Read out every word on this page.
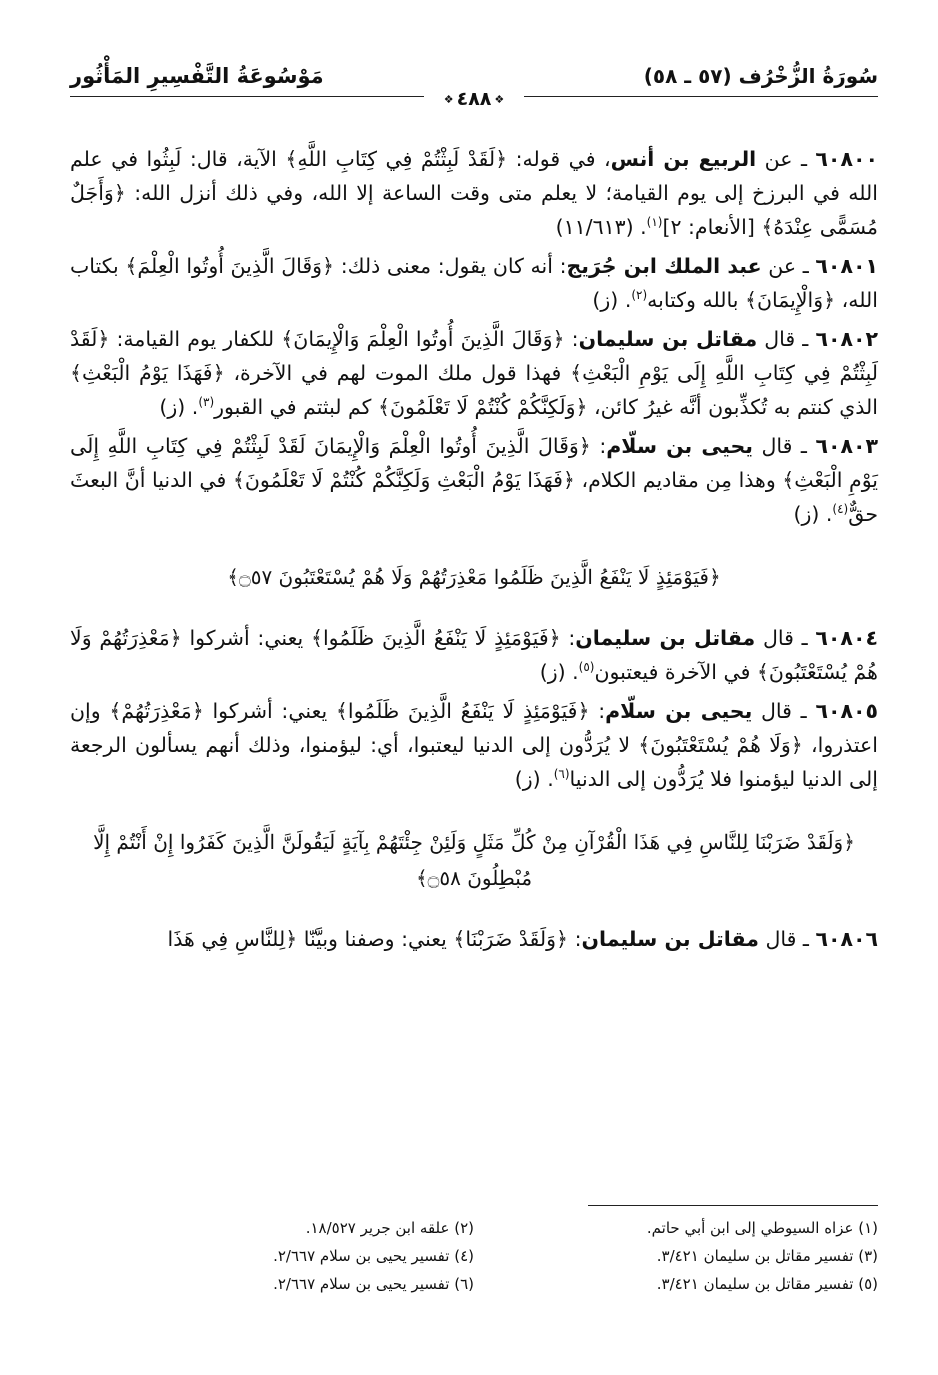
سُورَةُ الزُّخْرُف (٥٧ ـ ٥٨)
مَوْسُوعَةُ التَّفْسِيرِ المَأْثُور
❖٤٨٨❖

٦٠٨٠٠ ـ عن الربيع بن أنس، في قوله: ﴿لَقَدْ لَبِثْتُمْ فِي كِتَابِ اللَّهِ﴾ الآية، قال: لَبِثُوا في علم الله في البرزخ إلى يوم القيامة؛ لا يعلم متى وقت الساعة إلا الله، وفي ذلك أنزل الله: ﴿وَأَجَلٌ مُسَمًّى عِنْدَهُ﴾ [الأنعام: ٢]$^{(١)}$. (١١/٦١٣)

٦٠٨٠١ ـ عن عبد الملك ابن جُرَيج: أنه كان يقول: معنى ذلك: ﴿وَقَالَ الَّذِينَ أُوتُوا الْعِلْمَ﴾ بكتاب الله، ﴿وَالْإِيمَانَ﴾ بالله وكتابه$^{(٢)}$. (ز)

٦٠٨٠٢ ـ قال مقاتل بن سليمان: ﴿وَقَالَ الَّذِينَ أُوتُوا الْعِلْمَ وَالْإِيمَانَ﴾ للكفار يوم القيامة: ﴿لَقَدْ لَبِثْتُمْ فِي كِتَابِ اللَّهِ إِلَى يَوْمِ الْبَعْثِ﴾ فهذا قول ملك الموت لهم في الآخرة، ﴿فَهَذَا يَوْمُ الْبَعْثِ﴾ الذي كنتم به تُكذِّبون أنَّه غيرُ كائن، ﴿وَلَكِنَّكُمْ كُنْتُمْ لَا تَعْلَمُونَ﴾ كم لبثتم في القبور$^{(٣)}$. (ز)

٦٠٨٠٣ ـ قال يحيى بن سلّام: ﴿وَقَالَ الَّذِينَ أُوتُوا الْعِلْمَ وَالْإِيمَانَ لَقَدْ لَبِثْتُمْ فِي كِتَابِ اللَّهِ إِلَى يَوْمِ الْبَعْثِ﴾ وهذا مِن مقاديم الكلام، ﴿فَهَذَا يَوْمُ الْبَعْثِ وَلَكِنَّكُمْ كُنْتُمْ لَا تَعْلَمُونَ﴾ في الدنيا أنَّ البعثَ حقٌّ$^{(٤)}$. (ز)

﴿فَيَوْمَئِذٍ لَا يَنْفَعُ الَّذِينَ ظَلَمُوا مَعْذِرَتُهُمْ وَلَا هُمْ يُسْتَعْتَبُونَ ۝٥٧﴾

٦٠٨٠٤ ـ قال مقاتل بن سليمان: ﴿فَيَوْمَئِذٍ لَا يَنْفَعُ الَّذِينَ ظَلَمُوا﴾ يعني: أشركوا ﴿مَعْذِرَتُهُمْ وَلَا هُمْ يُسْتَعْتَبُونَ﴾ في الآخرة فيعتبون$^{(٥)}$. (ز)

٦٠٨٠٥ ـ قال يحيى بن سلّام: ﴿فَيَوْمَئِذٍ لَا يَنْفَعُ الَّذِينَ ظَلَمُوا﴾ يعني: أشركوا ﴿مَعْذِرَتُهُمْ﴾ وإن اعتذروا، ﴿وَلَا هُمْ يُسْتَعْتَبُونَ﴾ لا يُرَدُّون إلى الدنيا ليعتبوا، أي: ليؤمنوا، وذلك أنهم يسألون الرجعة إلى الدنيا ليؤمنوا فلا يُرَدُّون إلى الدنيا$^{(٦)}$. (ز)

﴿وَلَقَدْ ضَرَبْنَا لِلنَّاسِ فِي هَذَا الْقُرْآنِ مِنْ كُلِّ مَثَلٍ وَلَئِنْ جِئْتَهُمْ بِآيَةٍ لَيَقُولَنَّ الَّذِينَ كَفَرُوا إِنْ أَنْتُمْ إِلَّا مُبْطِلُونَ ۝٥٨﴾

٦٠٨٠٦ ـ قال مقاتل بن سليمان: ﴿وَلَقَدْ ضَرَبْنَا﴾ يعني: وصفنا وبيَّنّا ﴿لِلنَّاسِ فِي هَذَا

(١) عزاه السيوطي إلى ابن أبي حاتم.
(٢) علقه ابن جرير ١٨/٥٢٧.
(٣) تفسير مقاتل بن سليمان ٣/٤٢١.
(٤) تفسير يحيى بن سلام ٢/٦٦٧.
(٥) تفسير مقاتل بن سليمان ٣/٤٢١.
(٦) تفسير يحيى بن سلام ٢/٦٦٧.
